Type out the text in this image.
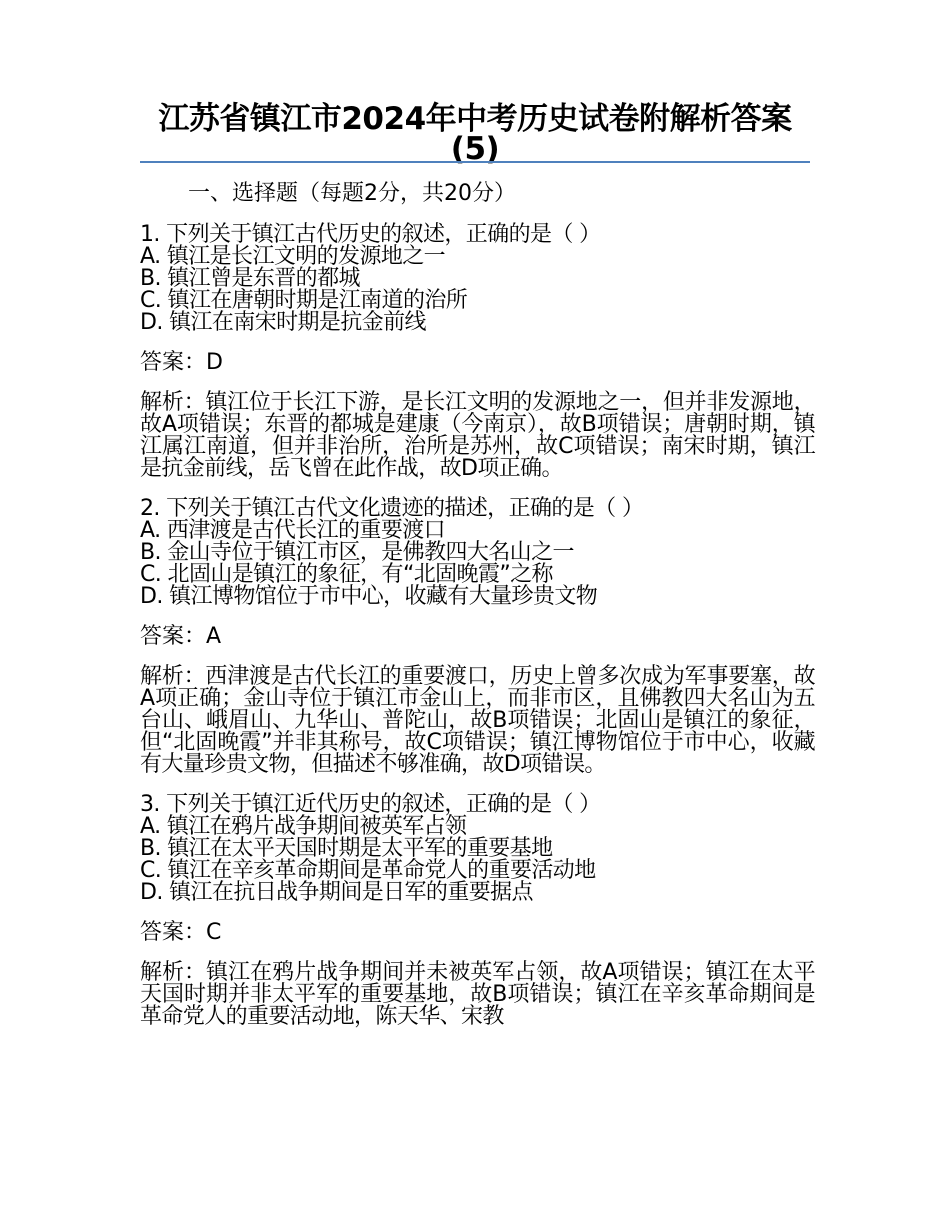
江苏省镇江市2024年中考历史试卷附解析答案(5)
一、选择题（每题2分，共20分）
1. 下列关于镇江古代历史的叙述，正确的是（ ）
A. 镇江是长江文明的发源地之一
B. 镇江曾是东晋的都城
C. 镇江在唐朝时期是江南道的治所
D. 镇江在南宋时期是抗金前线
答案：D
解析：镇江位于长江下游，是长江文明的发源地之一，但并非发源地，故A项错误；东晋的都城是建康（今南京），故B项错误；唐朝时期，镇江属江南道，但并非治所，治所是苏州，故C项错误；南宋时期，镇江是抗金前线，岳飞曾在此作战，故D项正确。
2. 下列关于镇江古代文化遗迹的描述，正确的是（ ）
A. 西津渡是古代长江的重要渡口
B. 金山寺位于镇江市区，是佛教四大名山之一
C. 北固山是镇江的象征，有“北固晚霞”之称
D. 镇江博物馆位于市中心，收藏有大量珍贵文物
答案：A
解析：西津渡是古代长江的重要渡口，历史上曾多次成为军事要塞，故A项正确；金山寺位于镇江市金山上，而非市区，且佛教四大名山为五台山、峨眉山、九华山、普陀山，故B项错误；北固山是镇江的象征，但“北固晚霞”并非其称号，故C项错误；镇江博物馆位于市中心，收藏有大量珍贵文物，但描述不够准确，故D项错误。
3. 下列关于镇江近代历史的叙述，正确的是（ ）
A. 镇江在鸦片战争期间被英军占领
B. 镇江在太平天国时期是太平军的重要基地
C. 镇江在辛亥革命期间是革命党人的重要活动地
D. 镇江在抗日战争期间是日军的重要据点
答案：C
解析：镇江在鸦片战争期间并未被英军占领，故A项错误；镇江在太平天国时期并非太平军的重要基地，故B项错误；镇江在辛亥革命期间是革命党人的重要活动地，陈天华、宋教
